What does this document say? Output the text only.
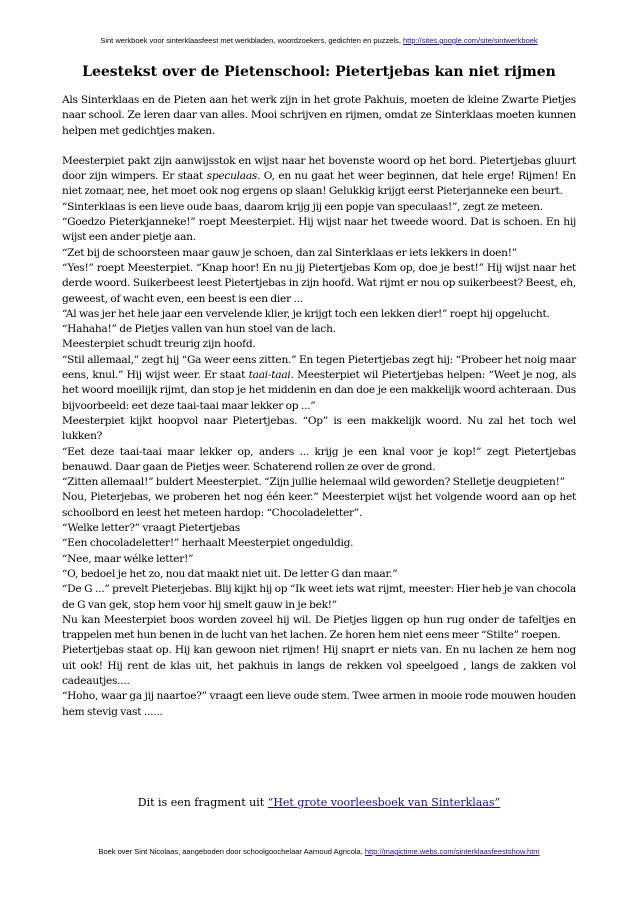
Sint werkboek voor sinterklaasfeest met werkbladen, woordzoekers, gedichten en puzzels, http://sites.google.com/site/sintwerkboek
Leestekst over de Pietenschool: Pietertjebas kan niet rijmen

Als Sinterklaas en de Pieten aan het werk zijn in het grote Pakhuis, moeten de kleine Zwarte Pietjes naar school. Ze leren daar van alles. Mooi schrijven en rijmen, omdat ze Sinterklaas moeten kunnen helpen met gedichtjes maken.

Meesterpiet pakt zijn aanwijsstok en wijst naar het bovenste woord op het bord. Pietertjebas gluurt door zijn wimpers. Er staat speculaas. O, en nu gaat het weer beginnen, dat hele erge! Rijmen! En niet zomaar, nee, het moet ook nog ergens op slaan! Gelukkig krijgt eerst Pieterjanneke een beurt.

“Sinterklaas is een lieve oude baas, daarom krijg jij een popje van speculaas!”, zegt ze meteen.

“Goedzo Pieterkjanneke!” roept Meesterpiet. Hij wijst naar het tweede woord. Dat is schoen. En hij wijst een ander pietje aan.

“Zet bij de schoorsteen maar gauw je schoen, dan zal Sinterklaas er iets lekkers in doen!”

“Yes!” roept Meesterpiet. “Knap hoor! En nu jij Pietertjebas Kom op, doe je best!” Hij wijst naar het derde woord. Suikerbeest leest Pietertjebas in zijn hoofd. Wat rijmt er nou op suikerbeest? Beest, eh, geweest, of wacht even, een beest is een dier ...

“Al was jer het hele jaar een vervelende klier, je krijgt toch een lekken dier!” roept hij opgelucht.

“Hahaha!” de Pietjes vallen van hun stoel van de lach.

Meesterpiet schudt treurig zijn hoofd.

“Stil allemaal,” zegt hij “Ga weer eens zitten.” En tegen Pietertjebas zegt hij: “Probeer het noig maar eens, knul.” Hij wijst weer. Er staat taai-taai. Meesterpiet wil Pietertjebas helpen: “Weet je nog, als het woord moeilijk rijmt, dan stop je het middenin en dan doe je een makkelijk woord achteraan. Dus bijvoorbeeld: eet deze taai-taai maar lekker op ...”

Meesterpiet kijkt hoopvol naar Pietertjebas. “Op” is een makkelijk woord. Nu zal het toch wel lukken?

“Eet deze taai-taai maar lekker op, anders ... krijg je een knal voor je kop!” zegt Pietertjebas benauwd. Daar gaan de Pietjes weer. Schaterend rollen ze over de grond.

“Zitten allemaal!” buldert Meesterpiet. “Zijn jullie helemaal wild geworden? Stelletje deugpieten!”

Nou, Pieterjebas, we proberen het nog één keer.” Meesterpiet wijst het volgende woord aan op het schoolbord en leest het meteen hardop: “Chocoladeletter”.

“Welke letter?” vraagt Pietertjebas

“Een chocoladeletter!” herhaalt Meesterpiet ongeduldig.

“Nee, maar wélke letter!”

“O, bedoel je het zo, nou dat maakt niet uit. De letter G dan maar.”

“De G ...” prevelt Pieterjebas. Blij kijkt hij op “Ik weet iets wat rijmt, meester: Hier heb je van chocola de G van gek, stop hem voor hij smelt gauw in je bek!”

Nu kan Meesterpiet boos worden zoveel hij wil. De Pietjes liggen op hun rug onder de tafeltjes en trappelen met hun benen in de lucht van het lachen. Ze horen hem niet eens meer “Stilte” roepen.

Pietertjebas staat op. Hij kan gewoon niet rijmen! Hij snaprt er niets van. En nu lachen ze hem nog uit ook! Hij rent de klas uit, het pakhuis in langs de rekken vol speelgoed , langs de zakken vol cadeautjes....

“Hoho, waar ga jij naartoe?” vraagt een lieve oude stem. Twee armen in mooie rode mouwen houden hem stevig vast ......

Dit is een fragment uit “Het grote voorleesboek van Sinterklaas”
Boek over Sint Nicolaas, aangeboden door schoolgoochelaar Aarnoud Agricola, http://magictime.webs.com/sinterklaasfeestshow.htm
